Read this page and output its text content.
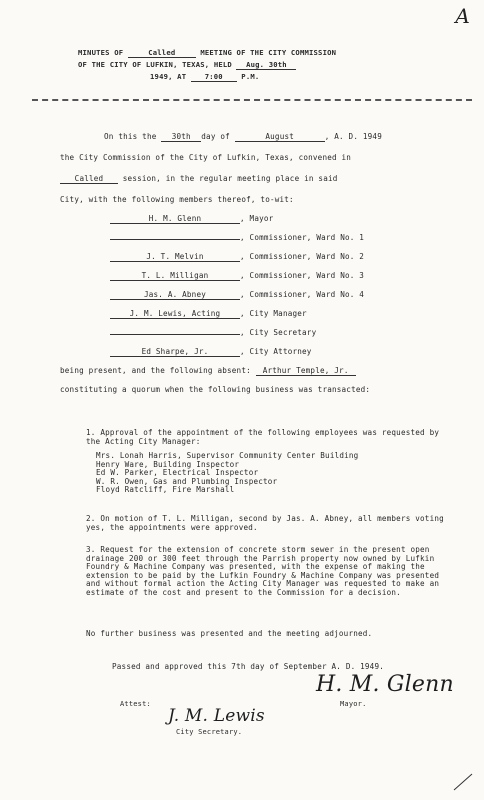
A
MINUTES OF	Called	MEETING OF THE CITY COMMISSION
OF THE CITY OF LUFKIN, TEXAS, HELD Aug. 30th
1949, AT	7:00	P.M.
On this the 30th day of	August	, A. D. 1949
the City Commission of the City of Lufkin, Texas, convened in
Called	session, in the regular meeting place in said
City, with the following members thereof, to-wit:
H. M. Glenn	, Mayor
, Commissioner, Ward No. 1
J. T. Melvin	, Commissioner, Ward No. 2
T. L. Milligan	, Commissioner, Ward No. 3
Jas. A. Abney	, Commissioner, Ward No. 4
J. M. Lewis, Acting	, City Manager
, City Secretary
Ed Sharpe, Jr.	, City Attorney
being present, and the following absent: Arthur Temple, Jr.
constituting a quorum when the following business was transacted:
1. Approval of the appointment of the following employees was requested by the Acting City Manager:
Mrs. Lonah Harris, Supervisor Community Center Building
Henry Ware, Building Inspector
Ed W. Parker, Electrical Inspector
W. R. Owen, Gas and Plumbing Inspector
Floyd Ratcliff, Fire Marshall
2. On motion of T. L. Milligan, second by Jas. A. Abney, all members voting yes, the appointments were approved.
3. Request for the extension of concrete storm sewer in the present open drainage 200 or 300 feet through the Parrish property now owned by Lufkin Foundry & Machine Company was presented, with the expense of making the extension to be paid by the Lufkin Foundry & Machine Company was presented and without formal action the Acting City Manager was requested to make an estimate of the cost and present to the Commission for a decision.
No further business was presented and the meeting adjourned.
Passed and approved this 7th day of September A. D. 1949.
H. M. Glenn
Mayor.
Attest:
J. M. Lewis
City Secretary.
